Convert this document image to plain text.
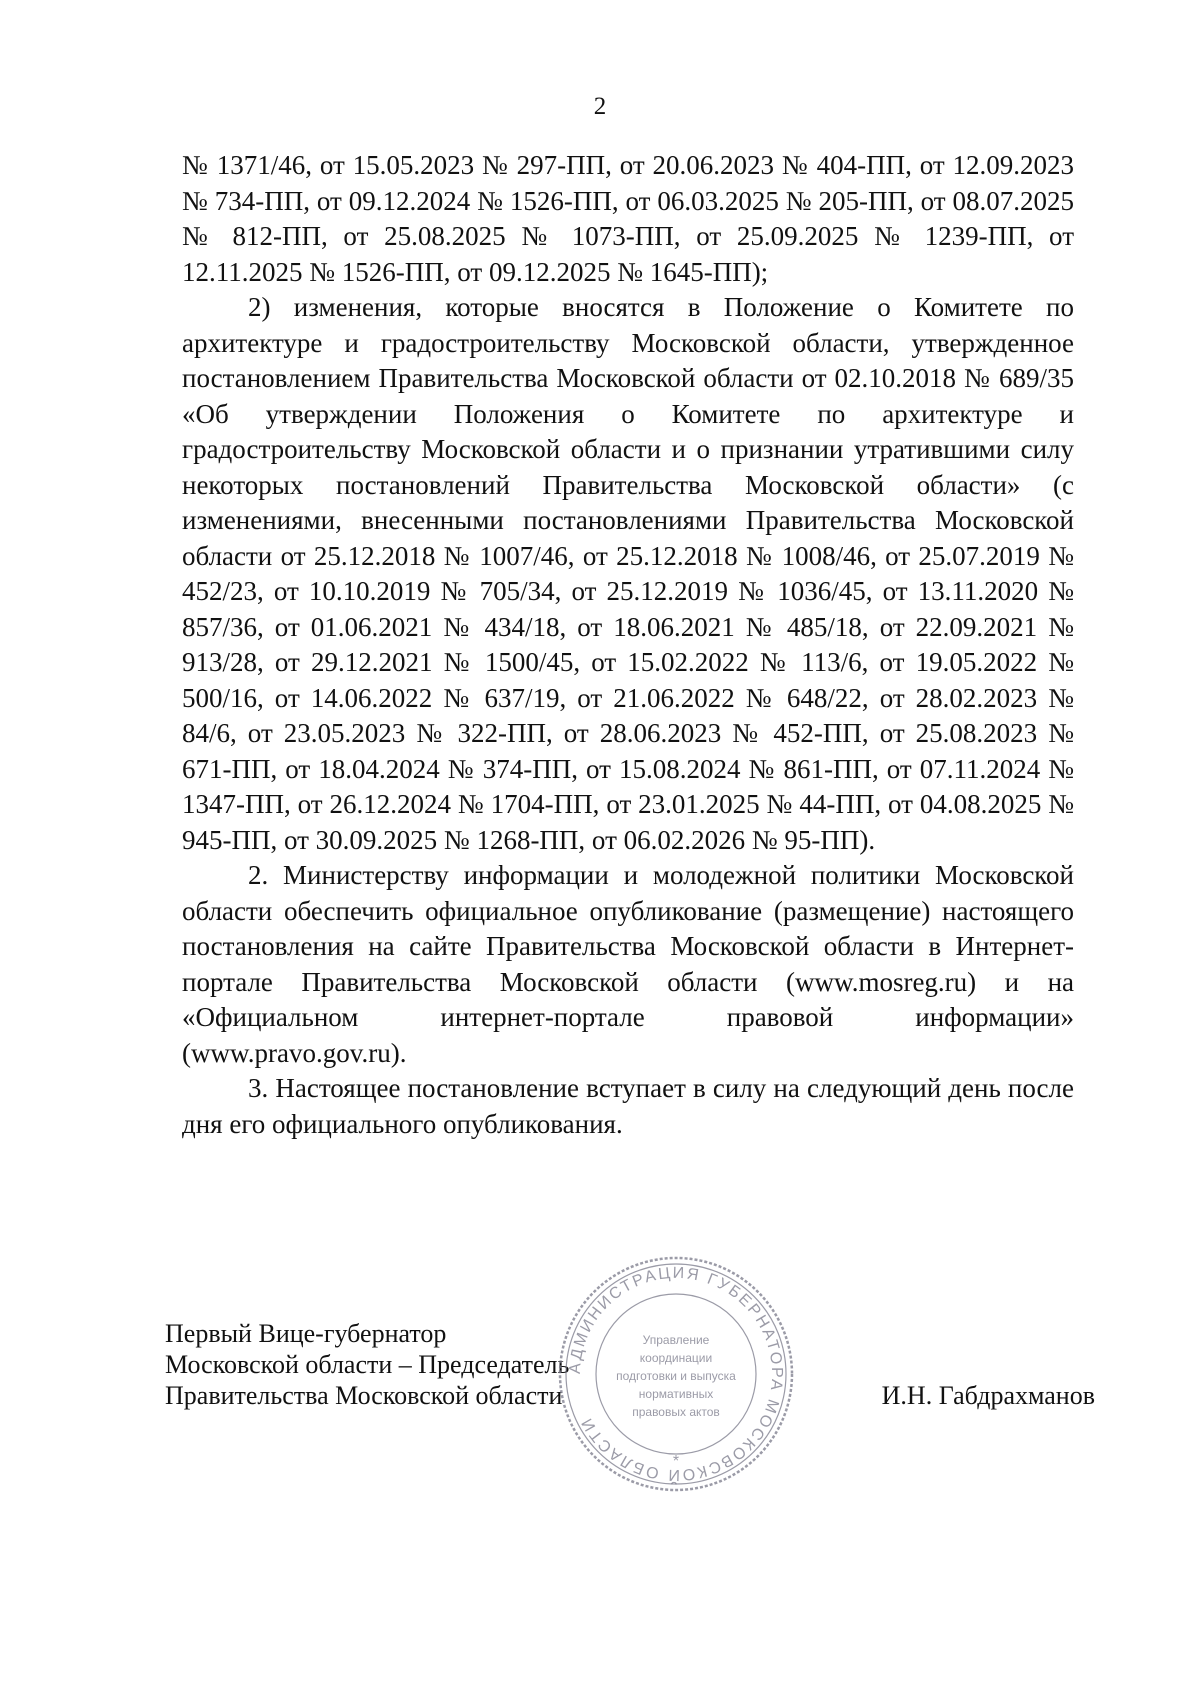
2

№ 1371/46, от 15.05.2023 № 297-ПП, от 20.06.2023 № 404-ПП, от 12.09.2023 № 734-ПП, от 09.12.2024 № 1526-ПП, от 06.03.2025 № 205-ПП, от 08.07.2025 № 812-ПП, от 25.08.2025 № 1073-ПП, от 25.09.2025 № 1239-ПП, от 12.11.2025 № 1526-ПП, от 09.12.2025 № 1645-ПП);

2) изменения, которые вносятся в Положение о Комитете по архитектуре и градостроительству Московской области, утвержденное постановлением Правительства Московской области от 02.10.2018 № 689/35 «Об утверждении Положения о Комитете по архитектуре и градостроительству Московской области и о признании утратившими силу некоторых постановлений Правительства Московской области» (с изменениями, внесенными постановлениями Правительства Московской области от 25.12.2018 № 1007/46, от 25.12.2018 № 1008/46, от 25.07.2019 № 452/23, от 10.10.2019 № 705/34, от 25.12.2019 № 1036/45, от 13.11.2020 № 857/36, от 01.06.2021 № 434/18, от 18.06.2021 № 485/18, от 22.09.2021 № 913/28, от 29.12.2021 № 1500/45, от 15.02.2022 № 113/6, от 19.05.2022 № 500/16, от 14.06.2022 № 637/19, от 21.06.2022 № 648/22, от 28.02.2023 № 84/6, от 23.05.2023 № 322-ПП, от 28.06.2023 № 452-ПП, от 25.08.2023 № 671-ПП, от 18.04.2024 № 374-ПП, от 15.08.2024 № 861-ПП, от 07.11.2024 № 1347-ПП, от 26.12.2024 № 1704-ПП, от 23.01.2025 № 44-ПП, от 04.08.2025 № 945-ПП, от 30.09.2025 № 1268-ПП, от 06.02.2026 № 95-ПП).

2. Министерству информации и молодежной политики Московской области обеспечить официальное опубликование (размещение) настоящего постановления на сайте Правительства Московской области в Интернет-портале Правительства Московской области (www.mosreg.ru) и на «Официальном интернет-портале правовой информации» (www.pravo.gov.ru).

3. Настоящее постановление вступает в силу на следующий день после дня его официального опубликования.

Первый Вице-губернатор
Московской области – Председатель
Правительства Московской области	И.Н. Габдрахманов
АДМИНИСТРАЦИЯ ГУБЕРНАТОРА МОСКОВСКОЙ ОБЛАСТИ
Управление
координации
подготовки и выпуска
нормативных
правовых актов
*
